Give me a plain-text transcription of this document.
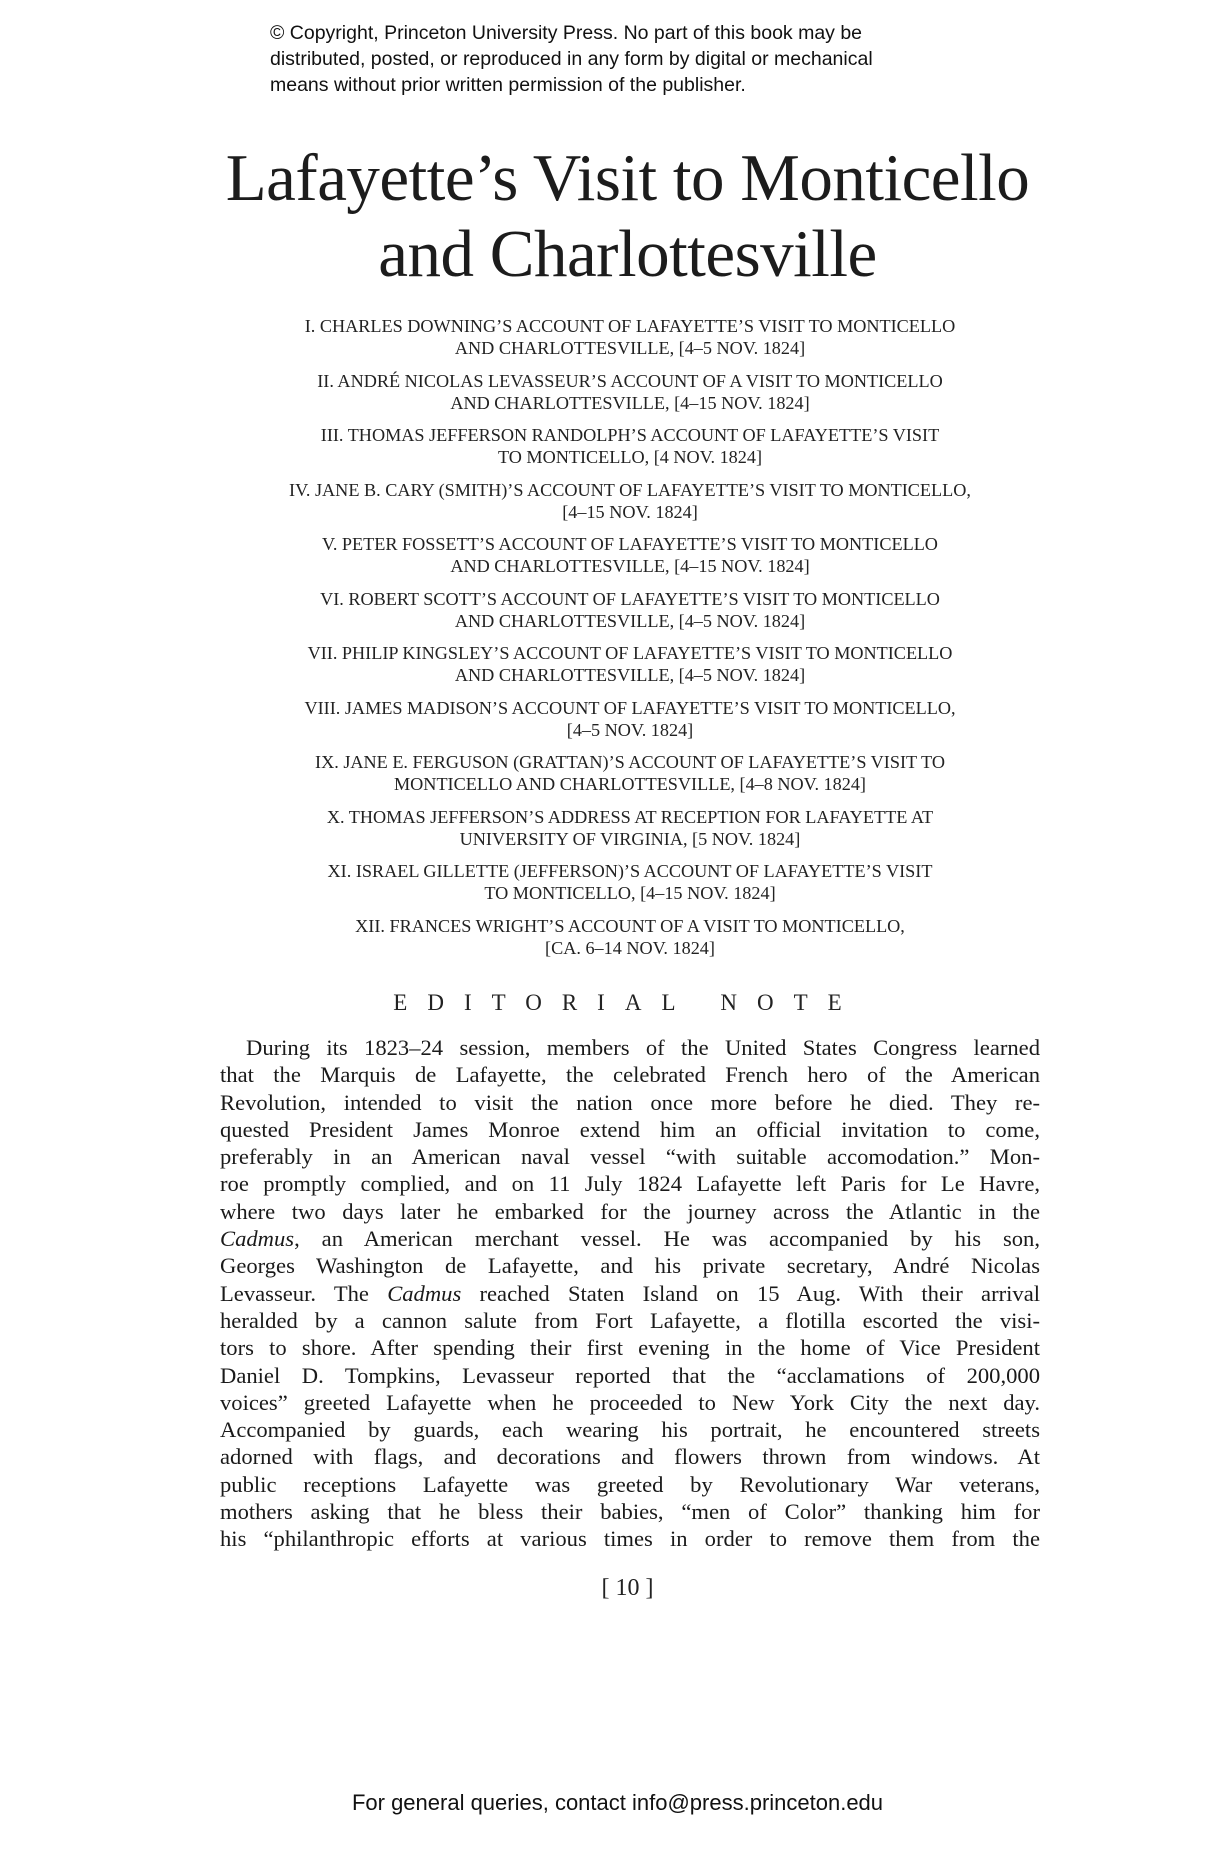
© Copyright, Princeton University Press. No part of this book may be
distributed, posted, or reproduced in any form by digital or mechanical
means without prior written permission of the publisher.
Lafayette’s Visit to Monticello
and Charlottesville
I. CHARLES DOWNING’S ACCOUNT OF LAFAYETTE’S VISIT TO MONTICELLO
AND CHARLOTTESVILLE, [4–5 NOV. 1824]
II. ANDRÉ NICOLAS LEVASSEUR’S ACCOUNT OF A VISIT TO MONTICELLO
AND CHARLOTTESVILLE, [4–15 NOV. 1824]
III. THOMAS JEFFERSON RANDOLPH’S ACCOUNT OF LAFAYETTE’S VISIT
TO MONTICELLO, [4 NOV. 1824]
IV. JANE B. CARY (SMITH)’S ACCOUNT OF LAFAYETTE’S VISIT TO MONTICELLO,
[4–15 NOV. 1824]
V. PETER FOSSETT’S ACCOUNT OF LAFAYETTE’S VISIT TO MONTICELLO
AND CHARLOTTESVILLE, [4–15 NOV. 1824]
VI. ROBERT SCOTT’S ACCOUNT OF LAFAYETTE’S VISIT TO MONTICELLO
AND CHARLOTTESVILLE, [4–5 NOV. 1824]
VII. PHILIP KINGSLEY’S ACCOUNT OF LAFAYETTE’S VISIT TO MONTICELLO
AND CHARLOTTESVILLE, [4–5 NOV. 1824]
VIII. JAMES MADISON’S ACCOUNT OF LAFAYETTE’S VISIT TO MONTICELLO,
[4–5 NOV. 1824]
IX. JANE E. FERGUSON (GRATTAN)’S ACCOUNT OF LAFAYETTE’S VISIT TO
MONTICELLO AND CHARLOTTESVILLE, [4–8 NOV. 1824]
X. THOMAS JEFFERSON’S ADDRESS AT RECEPTION FOR LAFAYETTE AT
UNIVERSITY OF VIRGINIA, [5 NOV. 1824]
XI. ISRAEL GILLETTE (JEFFERSON)’S ACCOUNT OF LAFAYETTE’S VISIT
TO MONTICELLO, [4–15 NOV. 1824]
XII. FRANCES WRIGHT’S ACCOUNT OF A VISIT TO MONTICELLO,
[CA. 6–14 NOV. 1824]
EDITORIAL NOTE
During its 1823–24 session, members of the United States Congress learned
that the Marquis de Lafayette, the celebrated French hero of the American
Revolution, intended to visit the nation once more before he died. They re-
quested President James Monroe extend him an official invitation to come,
preferably in an American naval vessel “with suitable accomodation.” Mon-
roe promptly complied, and on 11 July 1824 Lafayette left Paris for Le Havre,
where two days later he embarked for the journey across the Atlantic in the
Cadmus, an American merchant vessel. He was accompanied by his son,
Georges Washington de Lafayette, and his private secretary, André Nicolas
Levasseur. The Cadmus reached Staten Island on 15 Aug. With their arrival
heralded by a cannon salute from Fort Lafayette, a flotilla escorted the visi-
tors to shore. After spending their first evening in the home of Vice President
Daniel D. Tompkins, Levasseur reported that the “acclamations of 200,000
voices” greeted Lafayette when he proceeded to New York City the next day.
Accompanied by guards, each wearing his portrait, he encountered streets
adorned with flags, and decorations and flowers thrown from windows. At
public receptions Lafayette was greeted by Revolutionary War veterans,
mothers asking that he bless their babies, “men of Color” thanking him for
his “philanthropic efforts at various times in order to remove them from the
[ 10 ]
For general queries, contact info@press.princeton.edu
